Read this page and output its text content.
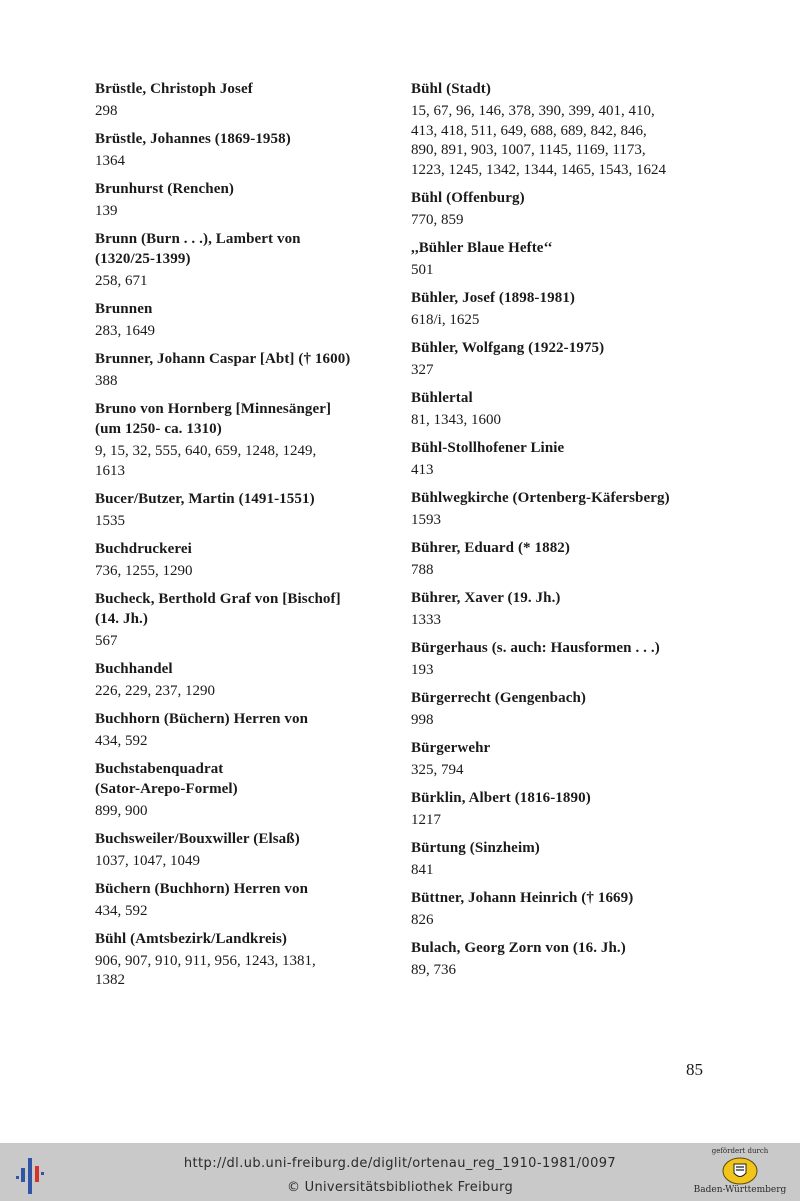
Brüstle, Christoph Josef
298
Brüstle, Johannes (1869-1958)
1364
Brunhurst (Renchen)
139
Brunn (Burn . . .), Lambert von
(1320/25-1399)
258, 671
Brunnen
283, 1649
Brunner, Johann Caspar [Abt] († 1600)
388
Bruno von Hornberg [Minnesänger]
(um 1250- ca. 1310)
9, 15, 32, 555, 640, 659, 1248, 1249,
1613
Bucer/Butzer, Martin (1491-1551)
1535
Buchdruckerei
736, 1255, 1290
Bucheck, Berthold Graf von [Bischof]
(14. Jh.)
567
Buchhandel
226, 229, 237, 1290
Buchhorn (Büchern) Herren von
434, 592
Buchstabenquadrat
(Sator-Arepo-Formel)
899, 900
Buchsweiler/Bouxwiller (Elsaß)
1037, 1047, 1049
Büchern (Buchhorn) Herren von
434, 592
Bühl (Amtsbezirk/Landkreis)
906, 907, 910, 911, 956, 1243, 1381,
1382
Bühl (Stadt)
15, 67, 96, 146, 378, 390, 399, 401, 410,
413, 418, 511, 649, 688, 689, 842, 846,
890, 891, 903, 1007, 1145, 1169, 1173,
1223, 1245, 1342, 1344, 1465, 1543, 1624
Bühl (Offenburg)
770, 859
,,Bühler Blaue Hefte‘‘
501
Bühler, Josef (1898-1981)
618/i, 1625
Bühler, Wolfgang (1922-1975)
327
Bühlertal
81, 1343, 1600
Bühl-Stollhofener Linie
413
Bühlwegkirche (Ortenberg-Käfersberg)
1593
Bührer, Eduard (* 1882)
788
Bührer, Xaver (19. Jh.)
1333
Bürgerhaus (s. auch: Hausformen . . .)
193
Bürgerrecht (Gengenbach)
998
Bürgerwehr
325, 794
Bürklin, Albert (1816-1890)
1217
Bürtung (Sinzheim)
841
Büttner, Johann Heinrich († 1669)
826
Bulach, Georg Zorn von (16. Jh.)
89, 736
85
http://dl.ub.uni-freiburg.de/diglit/ortenau_reg_1910-1981/0097
© Universitätsbibliothek Freiburg
gefördert durch
Baden-Württemberg
